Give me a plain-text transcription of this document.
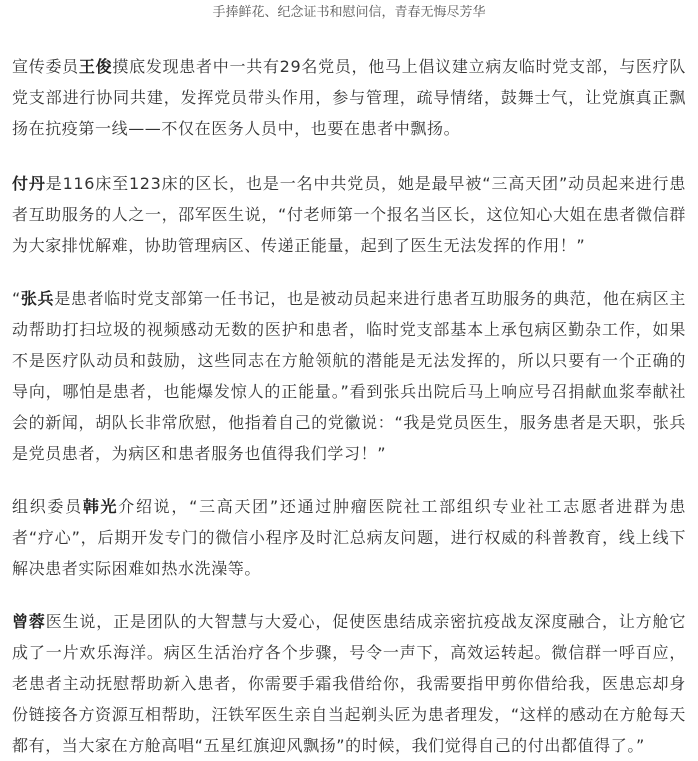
手捧鲜花、纪念证书和慰问信，青春无悔尽芳华

宣传委员王俊摸底发现患者中一共有29名党员，他马上倡议建立病友临时党支部，与医疗队党支部进行协同共建，发挥党员带头作用，参与管理，疏导情绪，鼓舞士气，让党旗真正飘扬在抗疫第一线——不仅在医务人员中，也要在患者中飘扬。

付丹是116床至123床的区长，也是一名中共党员，她是最早被“三高天团”动员起来进行患者互助服务的人之一，邵军医生说，“付老师第一个报名当区长，这位知心大姐在患者微信群为大家排忧解难，协助管理病区、传递正能量，起到了医生无法发挥的作用！”

“张兵是患者临时党支部第一任书记，也是被动员起来进行患者互助服务的典范，他在病区主动帮助打扫垃圾的视频感动无数的医护和患者，临时党支部基本上承包病区勤杂工作，如果不是医疗队动员和鼓励，这些同志在方舱领航的潜能是无法发挥的，所以只要有一个正确的导向，哪怕是患者，也能爆发惊人的正能量。”看到张兵出院后马上响应号召捐献血浆奉献社会的新闻，胡队长非常欣慰，他指着自己的党徽说：“我是党员医生，服务患者是天职，张兵是党员患者，为病区和患者服务也值得我们学习！”

组织委员韩光介绍说，“三高天团”还通过肿瘤医院社工部组织专业社工志愿者进群为患者“疗心”，后期开发专门的微信小程序及时汇总病友问题，进行权威的科普教育，线上线下解决患者实际困难如热水洗澡等。

曾蓉医生说，正是团队的大智慧与大爱心，促使医患结成亲密抗疫战友深度融合，让方舱它成了一片欢乐海洋。病区生活治疗各个步骤，号令一声下，高效运转起。微信群一呼百应，老患者主动抚慰帮助新入患者，你需要手霜我借给你，我需要指甲剪你借给我，医患忘却身份链接各方资源互相帮助，汪铁军医生亲自当起剃头匠为患者理发，“这样的感动在方舱每天都有，当大家在方舱高唱“五星红旗迎风飘扬”的时候，我们觉得自己的付出都值得了。”
